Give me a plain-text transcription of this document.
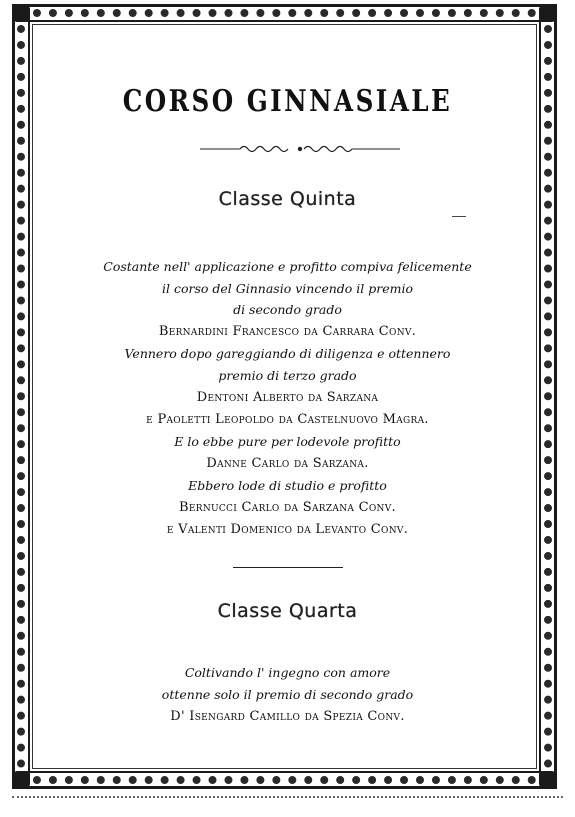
CORSO GINNASIALE
Classe Quinta
Costante nell' applicazione e profitto compiva felicemente
il corso del Ginnasio vincendo il premio
di secondo grado
Bernardini Francesco da Carrara Conv.
Vennero dopo gareggiando di diligenza e ottennero
premio di terzo grado
Dentoni Alberto da Sarzana
e Paoletti Leopoldo da Castelnuovo Magra.
E lo ebbe pure per lodevole profitto
Danne Carlo da Sarzana.
Ebbero lode di studio e profitto
Bernucci Carlo da Sarzana Conv.
e Valenti Domenico da Levanto Conv.
Classe Quarta
Coltivando l' ingegno con amore
ottenne solo il premio di secondo grado
D' Isengard Camillo da Spezia Conv.
